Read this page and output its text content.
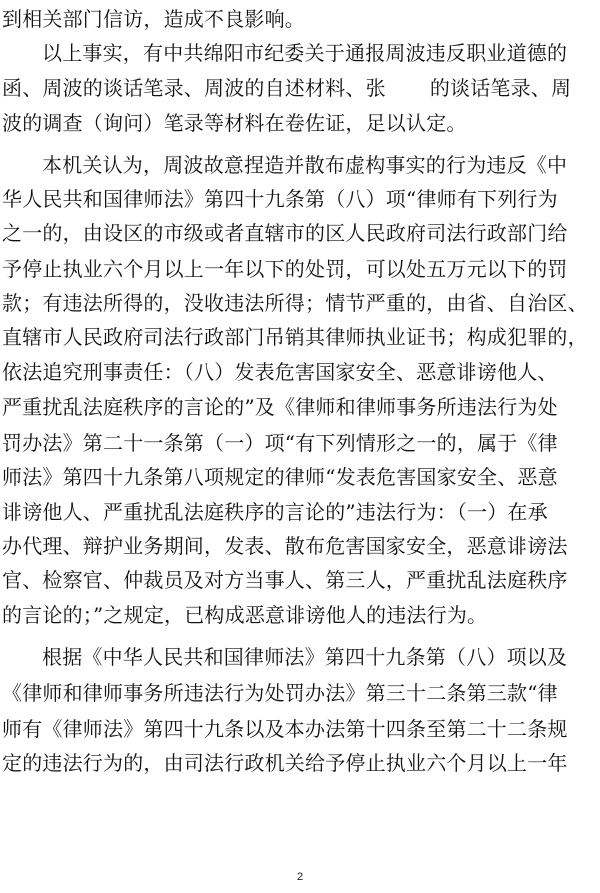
到相关部门信访，造成不良影响。
以上事实，有中共绵阳市纪委关于通报周波违反职业道德的
函、周波的谈话笔录、周波的自述材料、张 的谈话笔录、周
波的调查（询问）笔录等材料在卷佐证，足以认定。
本机关认为，周波故意捏造并散布虚构事实的行为违反《中
华人民共和国律师法》第四十九条第（八）项“律师有下列行为
之一的，由设区的市级或者直辖市的区人民政府司法行政部门给
予停止执业六个月以上一年以下的处罚，可以处五万元以下的罚
款；有违法所得的，没收违法所得；情节严重的，由省、自治区、
直辖市人民政府司法行政部门吊销其律师执业证书；构成犯罪的，
依法追究刑事责任：（八）发表危害国家安全、恶意诽谤他人、
严重扰乱法庭秩序的言论的”及《律师和律师事务所违法行为处
罚办法》第二十一条第（一）项“有下列情形之一的，属于《律
师法》第四十九条第八项规定的律师“发表危害国家安全、恶意
诽谤他人、严重扰乱法庭秩序的言论的”违法行为：（一）在承
办代理、辩护业务期间，发表、散布危害国家安全，恶意诽谤法
官、检察官、仲裁员及对方当事人、第三人，严重扰乱法庭秩序
的言论的；”之规定，已构成恶意诽谤他人的违法行为。
根据《中华人民共和国律师法》第四十九条第（八）项以及
《律师和律师事务所违法行为处罚办法》第三十二条第三款“律
师有《律师法》第四十九条以及本办法第十四条至第二十二条规
定的违法行为的，由司法行政机关给予停止执业六个月以上一年
2
